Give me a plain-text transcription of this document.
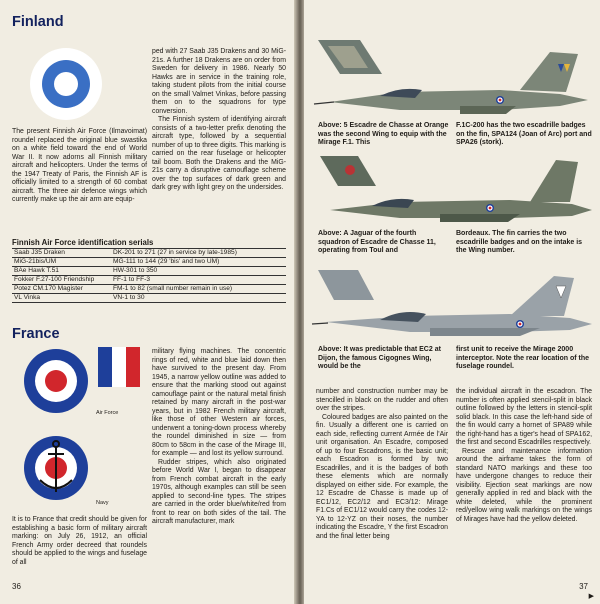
Finland

The present Finnish Air Force (Ilmavoimat) roundel replaced the original blue swastika on a white field toward the end of World War II. It now adorns all Finnish military aircraft and helicopters. Under the terms of the 1947 Treaty of Paris, the Finnish AF is officially limited to a strength of 60 combat aircraft. The three air defence wings which currently make up the air arm are equip-

ped with 27 Saab J35 Drakens and 30 MiG-21s. A further 18 Drakens are on order from Sweden for delivery in 1986. Nearly 50 Hawks are in service in the training role, taking student pilots from the initial course on the small Valmet Vinkas, before passing them on to the squadrons for type conversion.

The Finnish system of identifying aircraft consists of a two-letter prefix denoting the aircraft type, followed by a sequential number of up to three digits. This marking is carried on the rear fuselage or helicopter tail boom. Both the Drakens and the MiG-21s carry a disruptive camouflage scheme over the top surfaces of dark green and dark grey with light grey on the undersides.

Finnish Air Force identification serials
Saab J35 Draken	DK-201 to 271 (27 in service by late-1985)
MiG-21bis/UM	MG-111 to 144 (29 'bis' and two UM)
BAe Hawk T.51	HW-301 to 350
Fokker F.27-100 Friendship	FF-1 to FF-3
Potez CM.170 Magister	FM-1 to 82 (small number remain in use)
VL Vinka	VN-1 to 30
France
Air Force
Navy

It is to France that credit should be given for establishing a basic form of military aircraft marking: on July 26, 1912, an official French Army order decreed that roundels should be applied to the wings and fuselage of all

military flying machines. The concentric rings of red, white and blue laid down then have survived to the present day. From 1945, a narrow yellow outline was added to ensure that the marking stood out against camouflage paint or the natural metal finish retained by many aircraft in the post-war years, but in 1982 French military aircraft, like those of other Western air forces, underwent a toning-down process whereby the roundel diminished in size — from 80cm to 58cm in the case of the Mirage III, for example — and lost its yellow surround.

Rudder stripes, which also originated before World War I, began to disappear from French combat aircraft in the early 1970s, although examples can still be seen applied to second-line types. The stripes are carried in the order blue/white/red from front to rear on both sides of the tail. The aircraft manufacturer, mark

36
Above: 5 Escadre de Chasse at Orange was the second Wing to equip with the Mirage F.1. This
F.1C-200 has the two escadrille badges on the fin, SPA124 (Joan of Arc) port and SPA26 (stork).
Above: A Jaguar of the fourth squadron of Escadre de Chasse 11, operating from Toul and
Bordeaux. The fin carries the two escadrille badges and on the intake is the Wing number.
Above: It was predictable that EC2 at Dijon, the famous Cigognes Wing, would be the
first unit to receive the Mirage 2000 interceptor. Note the rear location of the fuselage roundel.

number and construction number may be stencilled in black on the rudder and often over the stripes.

Coloured badges are also painted on the fin. Usually a different one is carried on each side, reflecting current Armée de l'Air unit organisation. An Escadre, composed of up to four Escadrons, is the basic unit; each Escadron is formed by two Escadrilles, and it is the badges of both these elements which are normally displayed on either side. For example, the 12 Escadre de Chasse is made up of EC1/12, EC2/12 and EC3/12: Mirage F1.Cs of EC1/12 would carry the codes 12-YA to 12-YZ on their noses, the number indicating the Escadre, Y the first Escadron and the final letter being

the individual aircraft in the escadron. The number is often applied stencil-split in black outline followed by the letters in stencil-split solid black. In this case the left-hand side of the fin would carry a hornet of SPA89 while the right-hand has a tiger's head of SPA162, the first and second Escadrilles respectively.

Rescue and maintenance information around the airframe takes the form of standard NATO markings and these too have undergone changes to reduce their visibility. Ejection seat markings are now generally applied in red and black with the white deleted, while the prominent red/yellow wing walk markings on the wings of Mirages have had the yellow deleted.

▶
37
